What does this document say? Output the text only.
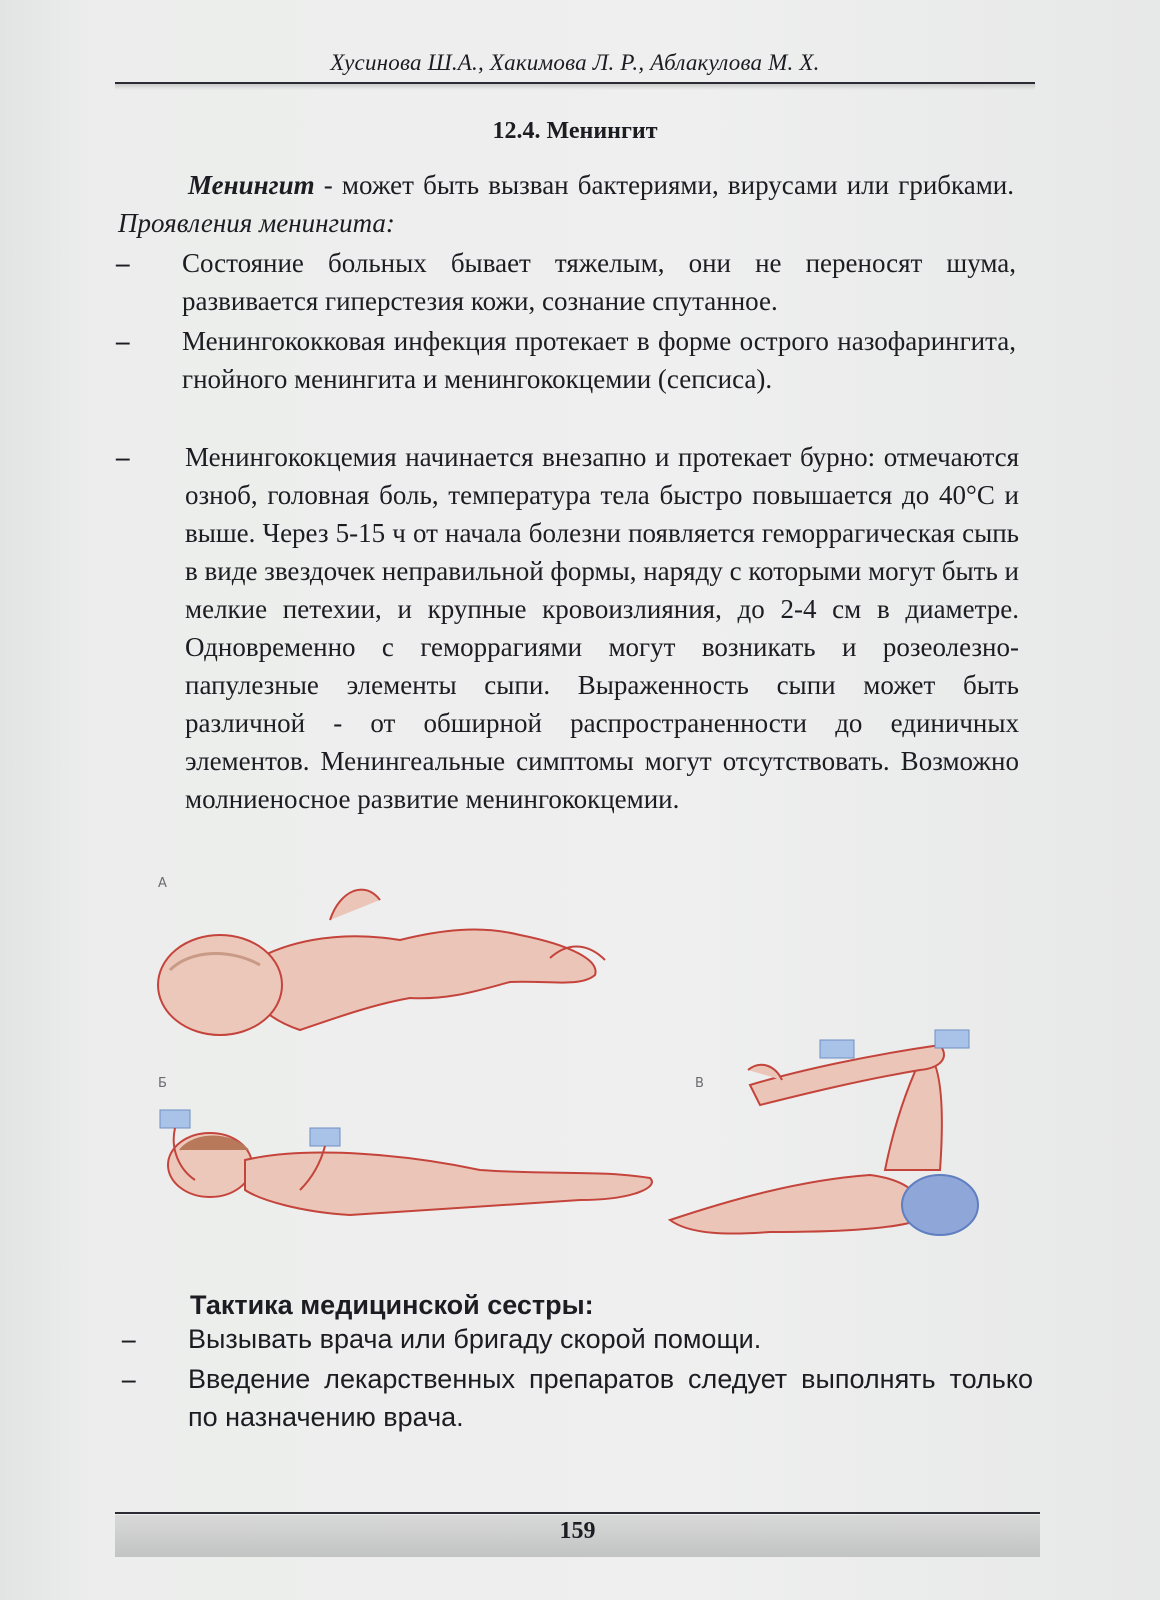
Хусинова Ш.А., Хакимова Л. Р., Аблакулова М. Х.
12.4. Менингит
Менингит - может быть вызван бактериями, вирусами или грибками. Проявления менингита:
– Состояние больных бывает тяжелым, они не переносят шума, развивается гиперстезия кожи, сознание спутанное.
– Менингококковая инфекция протекает в форме острого назофарингита, гнойного менингита и менингококцемии (сепсиса).
– Менингококцемия начинается внезапно и протекает бурно: отмечаются озноб, головная боль, температура тела быстро повышается до 40°С и выше. Через 5-15 ч от начала болезни появляется геморрагическая сыпь в виде звездочек неправильной формы, наряду с которыми могут быть и мелкие петехии, и крупные кровоизлияния, до 2-4 см в диаметре. Одновременно с геморрагиями могут возникать и розеолезно-папулезные элементы сыпи. Выраженность сыпи может быть различной - от обширной распространенности до единичных элементов. Менингеальные симптомы могут отсутствовать. Возможно молниеносное развитие менингококцемии.
А
Б	В
Тактика медицинской сестры:
– Вызывать врача или бригаду скорой помощи.
– Введение лекарственных препаратов следует выполнять только по назначению врача.
159
